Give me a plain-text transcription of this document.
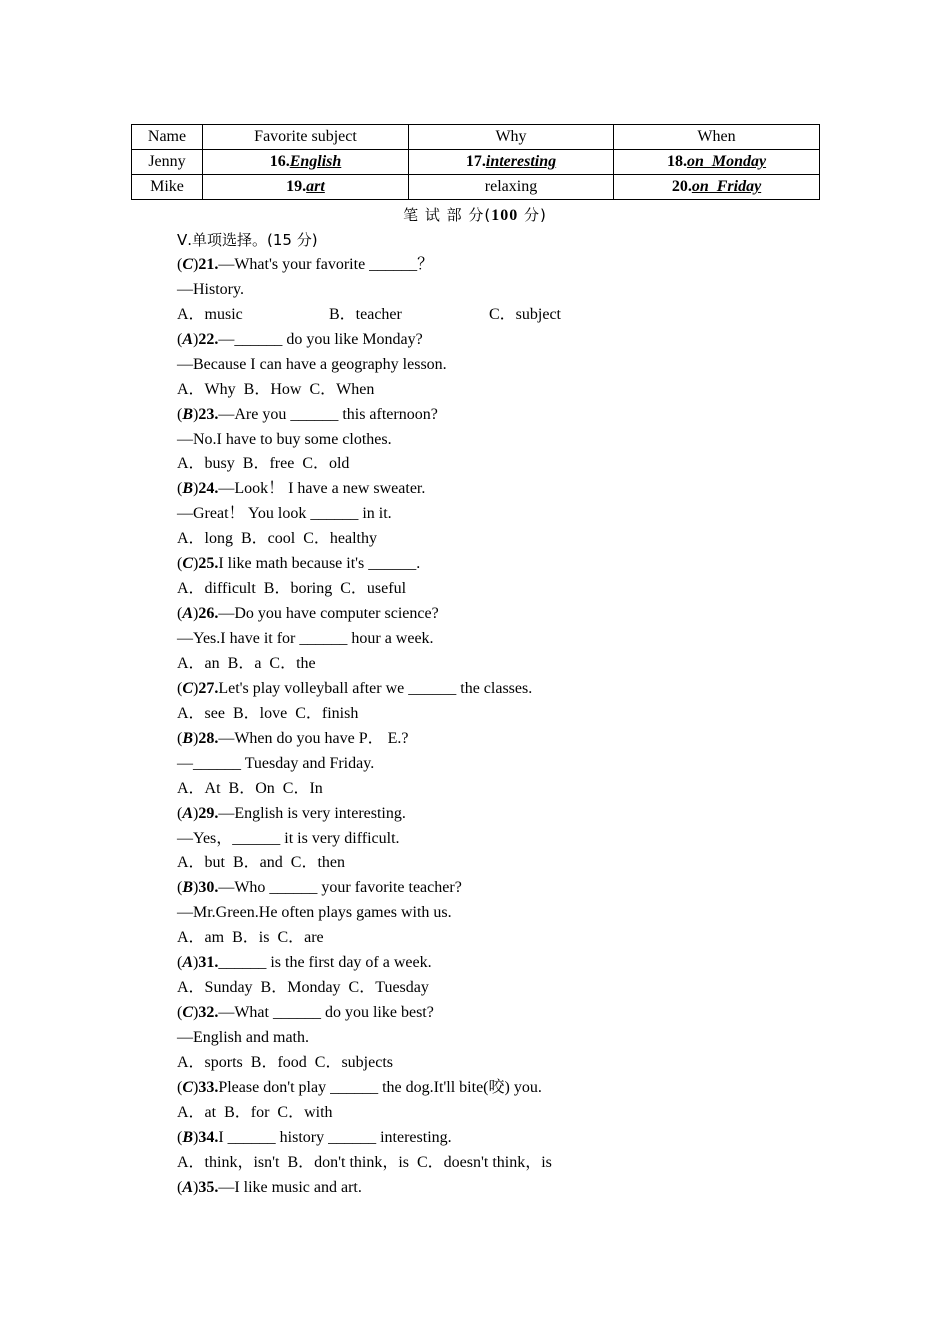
Name	Favorite subject	Why	When
Jenny	16.English	17.interesting	18.on  Monday
Mike	19.art	relaxing	20.on  Friday
笔 试 部 分(100 分)
Ⅴ.单项选择。(15 分)
(C)21.—What's your favorite ______？
—History.
A．music	B．teacher	C．subject
(A)22.—______ do you like Monday?
—Because I can have a geography lesson.
A．Why  B．How  C．When
(B)23.—Are you ______ this afternoon?
—No.I have to buy some clothes.
A．busy  B．free  C．old
(B)24.—Look！ I have a new sweater.
—Great！ You look ______ in it.
A．long  B．cool  C．healthy
(C)25.I like math because it's ______.
A．difficult  B．boring  C．useful
(A)26.—Do you have computer science?
—Yes.I have it for ______ hour a week.
A．an  B．a  C．the
(C)27.Let's play volleyball after we ______ the classes.
A．see  B．love  C．finish
(B)28.—When do you have P． E.?
—______ Tuesday and Friday.
A．At  B．On  C．In
(A)29.—English is very interesting.
—Yes，______ it is very difficult.
A．but  B．and  C．then
(B)30.—Who ______ your favorite teacher?
—Mr.Green.He often plays games with us.
A．am  B．is  C．are
(A)31.______ is the first day of a week.
A．Sunday  B．Monday  C．Tuesday
(C)32.—What ______ do you like best?
—English and math.
A．sports  B．food  C．subjects
(C)33.Please don't play ______ the dog.It'll bite(咬) you.
A．at  B．for  C．with
(B)34.I ______ history ______ interesting.
A．think，isn't  B．don't think，is  C．doesn't think，is
(A)35.—I like music and art.
